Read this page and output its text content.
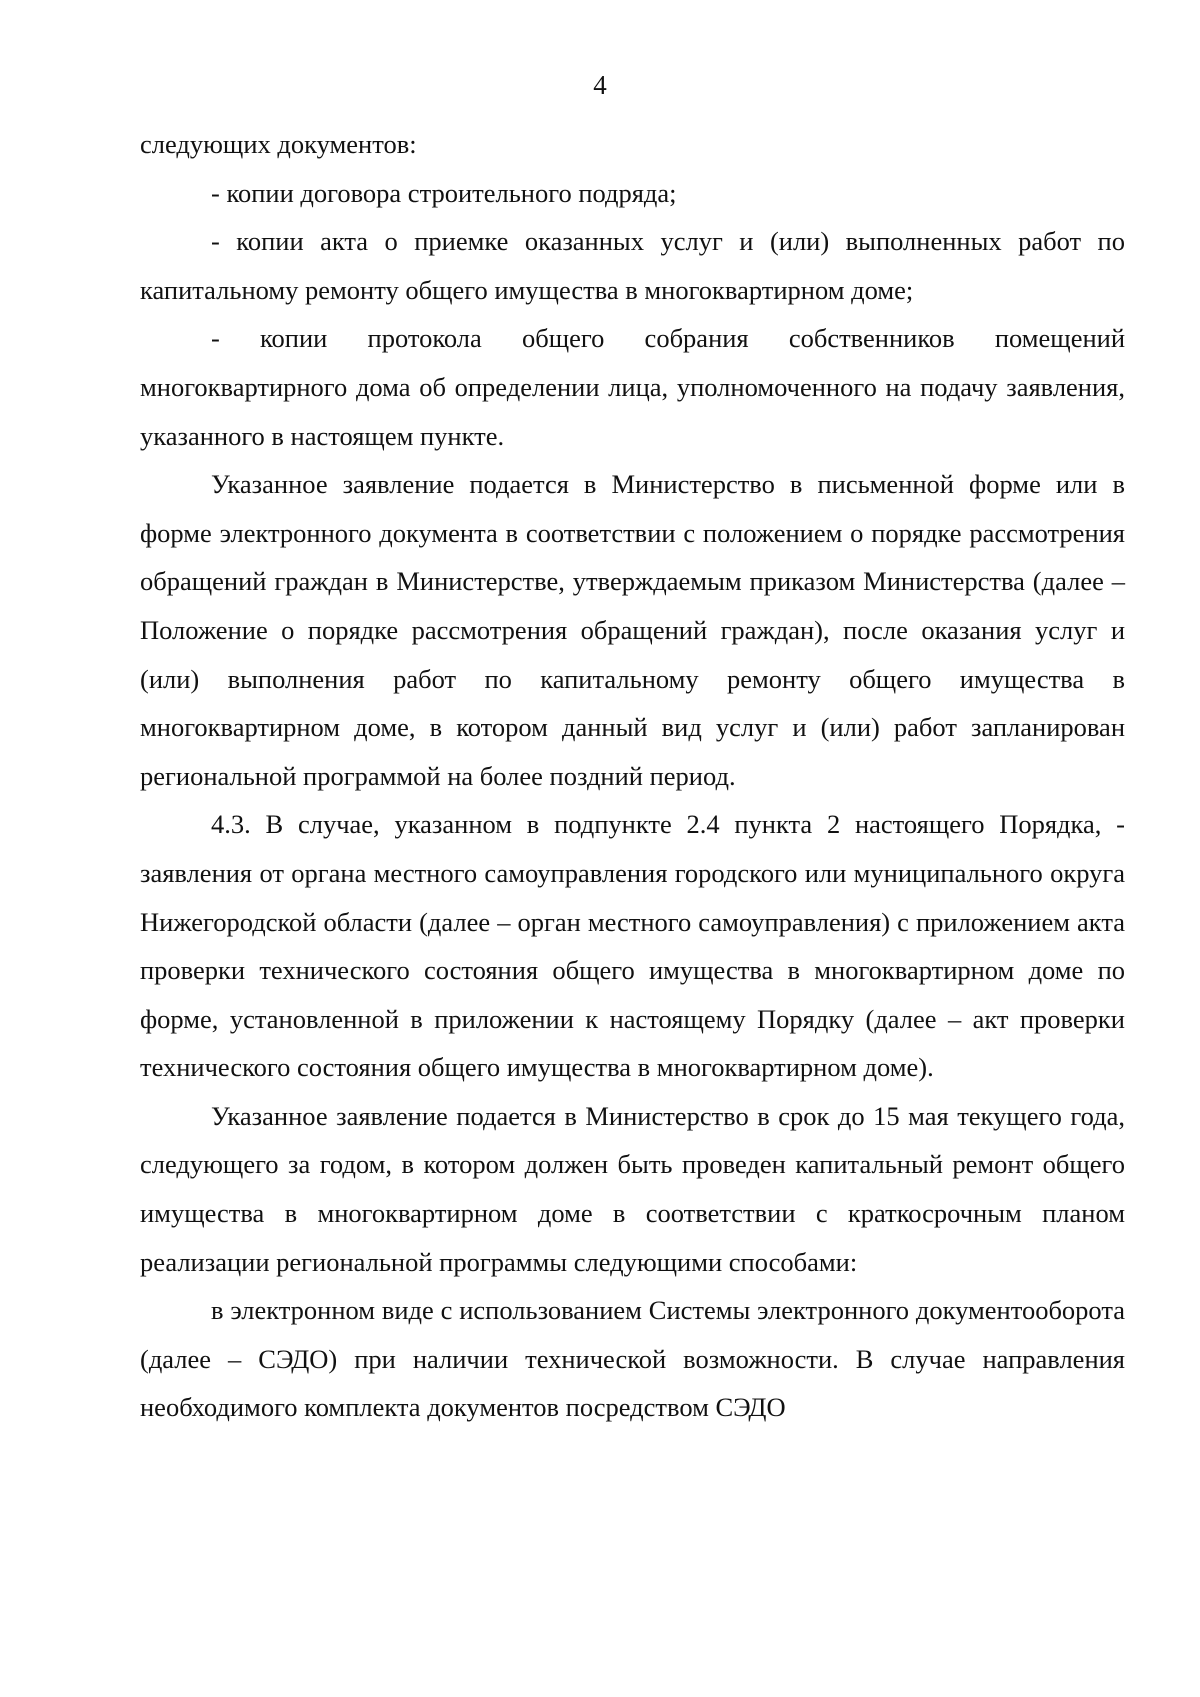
4

следующих документов:

- копии договора строительного подряда;

- копии акта о приемке оказанных услуг и (или) выполненных работ по капитальному ремонту общего имущества в многоквартирном доме;

- копии протокола общего собрания собственников помещений многоквартирного дома об определении лица, уполномоченного на подачу заявления, указанного в настоящем пункте.

Указанное заявление подается в Министерство в письменной форме или в форме электронного документа в соответствии с положением о порядке рассмотрения обращений граждан в Министерстве, утверждаемым приказом Министерства (далее – Положение о порядке рассмотрения обращений граждан), после оказания услуг и (или) выполнения работ по капитальному ремонту общего имущества в многоквартирном доме, в котором данный вид услуг и (или) работ запланирован региональной программой на более поздний период.

4.3. В случае, указанном в подпункте 2.4 пункта 2 настоящего Порядка, - заявления от органа местного самоуправления городского или муниципального округа Нижегородской области (далее – орган местного самоуправления) с приложением акта проверки технического состояния общего имущества в многоквартирном доме по форме, установленной в приложении к настоящему Порядку (далее – акт проверки технического состояния общего имущества в многоквартирном доме).

Указанное заявление подается в Министерство в срок до 15 мая текущего года, следующего за годом, в котором должен быть проведен капитальный ремонт общего имущества в многоквартирном доме в соответствии с краткосрочным планом реализации региональной программы следующими способами:

в электронном виде с использованием Системы электронного документооборота (далее – СЭДО) при наличии технической возможности. В случае направления необходимого комплекта документов посредством СЭДО
